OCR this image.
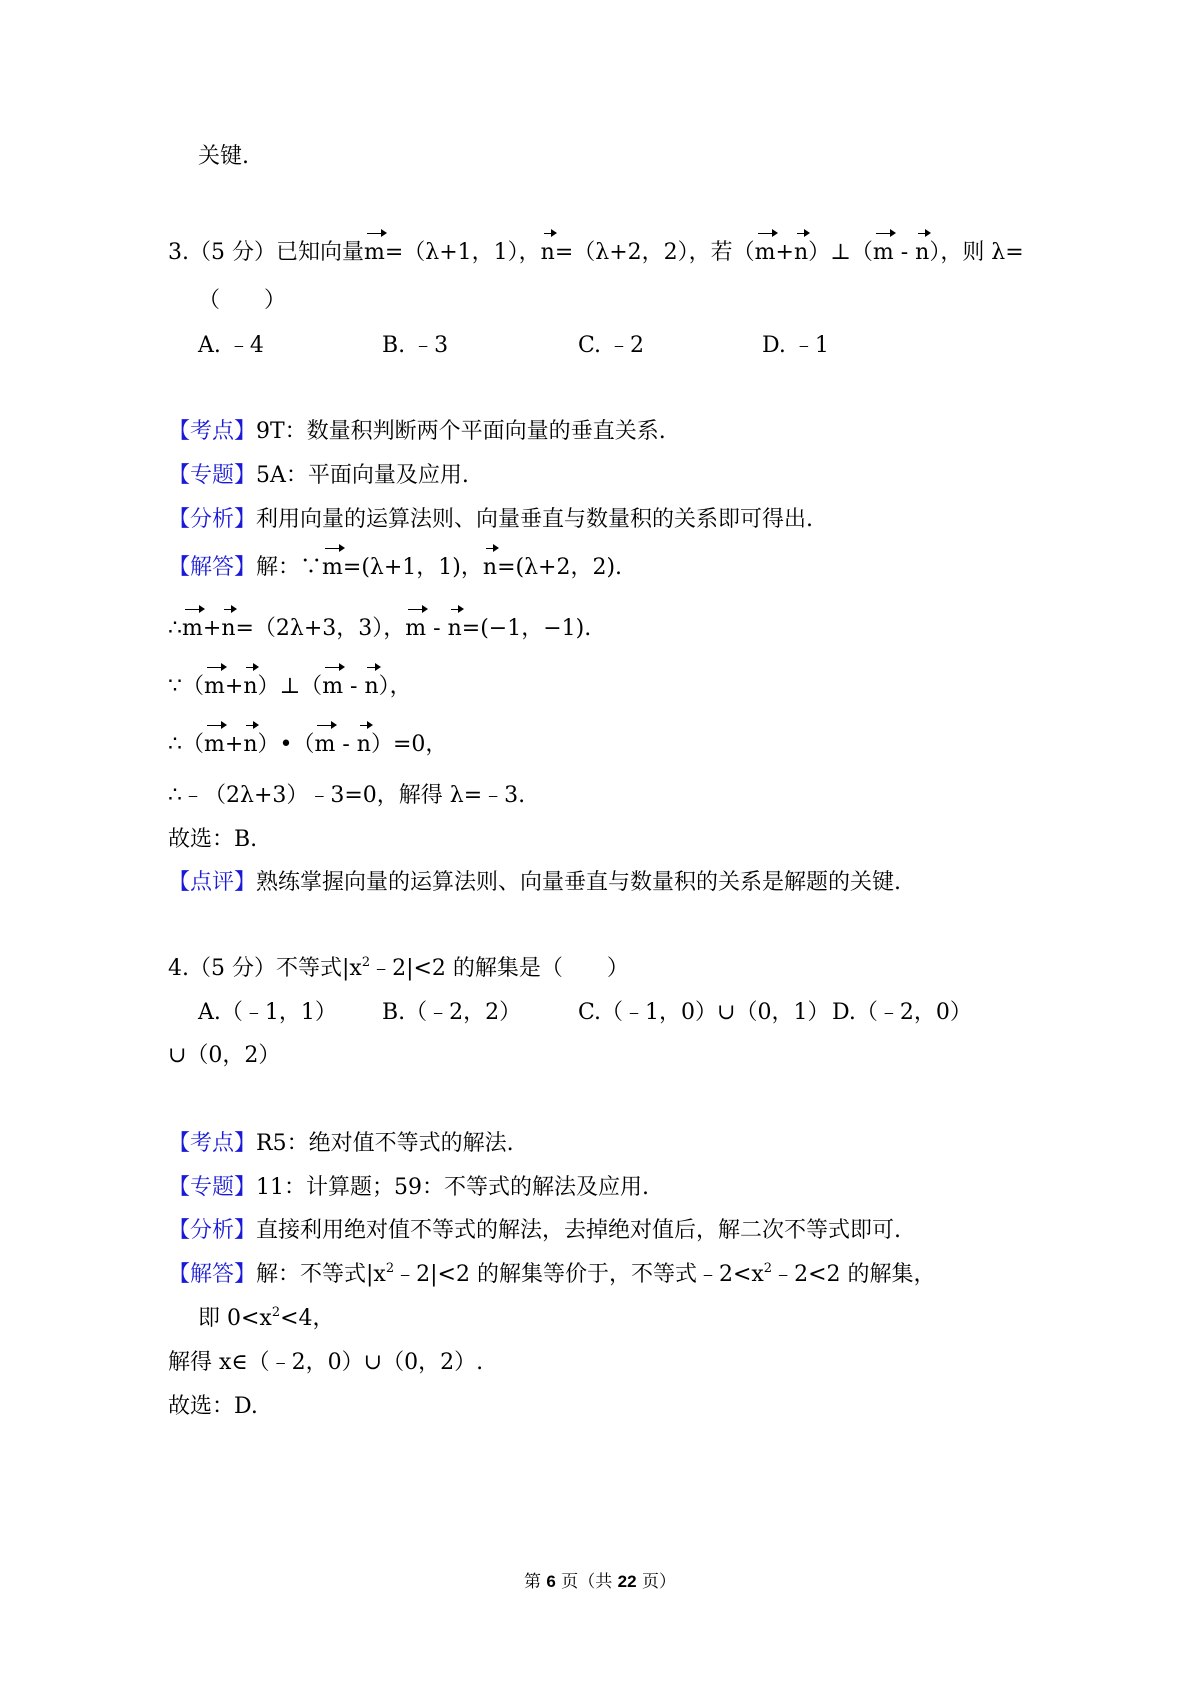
关键.
3.（5 分）已知向量m=（λ+1，1），n=（λ+2，2），若（m+n）⊥（m - n），则 λ=
（　　）
A. ﹣4	B. ﹣3	C. ﹣2	D. ﹣1
【考点】9T：数量积判断两个平面向量的垂直关系.
【专题】5A：平面向量及应用.
【分析】利用向量的运算法则、向量垂直与数量积的关系即可得出.
【解答】解：∵m=(λ+1，1)，n=(λ+2，2).
∴m+n=（2λ+3，3），m - n=(−1，−1).
∵（m+n）⊥（m - n），
∴（m+n）•（m - n）=0，
∴﹣（2λ+3）﹣3=0，解得 λ=﹣3.
故选：B.
【点评】熟练掌握向量的运算法则、向量垂直与数量积的关系是解题的关键.
4.（5 分）不等式$|x^2﹣2|<2$ 的解集是（　　）
A.（﹣1，1） B.（﹣2，2）	C.（﹣1，0）∪（0，1） D.（﹣2，0）
∪（0，2）
【考点】R5：绝对值不等式的解法.
【专题】11：计算题；59：不等式的解法及应用.
【分析】直接利用绝对值不等式的解法，去掉绝对值后，解二次不等式即可.
【解答】解：不等式$|x^2﹣2|<2$ 的解集等价于，不等式$﹣2<x^2﹣2<2$ 的解集，
即 $0<x^2<4$，
解得 x∈（﹣2，0）∪（0，2）.
故选：D.
第 6 页（共 22 页）
